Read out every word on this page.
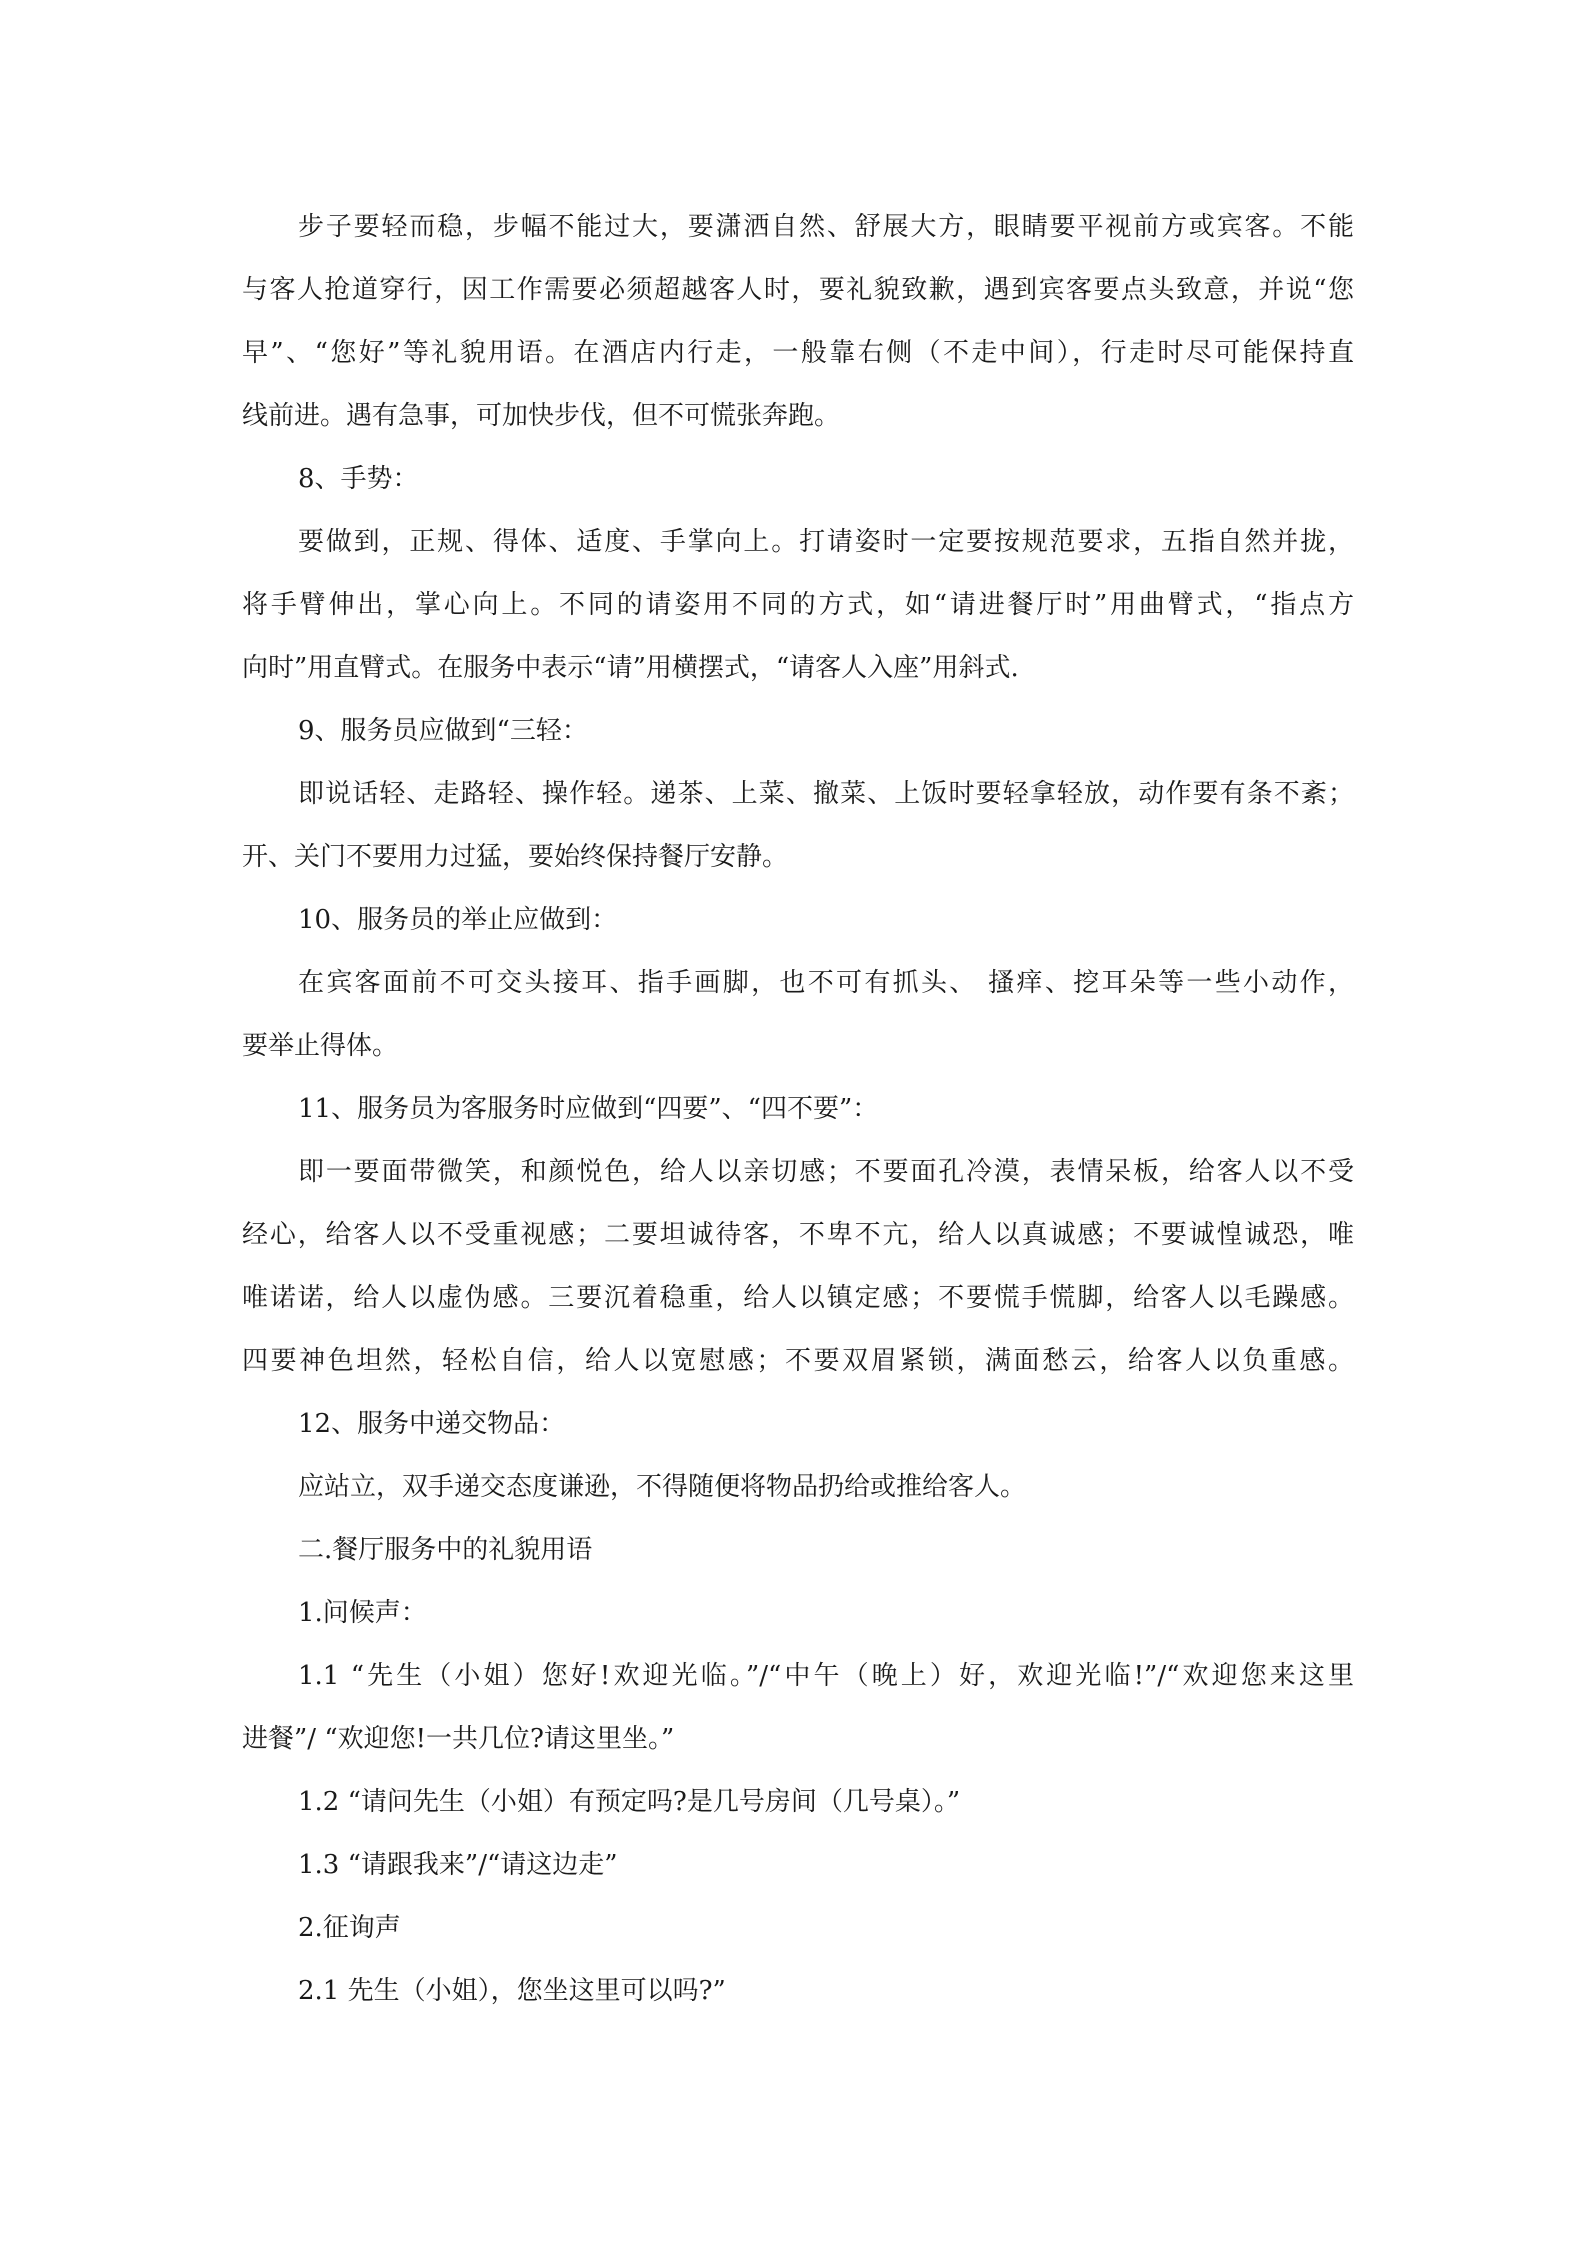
步子要轻而稳，步幅不能过大，要潇洒自然、舒展大方，眼睛要平视前方或宾客。不能
与客人抢道穿行，因工作需要必须超越客人时，要礼貌致歉，遇到宾客要点头致意，并说“您
早”、“您好”等礼貌用语。在酒店内行走，一般靠右侧（不走中间），行走时尽可能保持直
线前进。遇有急事，可加快步伐，但不可慌张奔跑。
8、手势：
要做到，正规、得体、适度、手掌向上。打请姿时一定要按规范要求，五指自然并拢，
将手臂伸出，掌心向上。不同的请姿用不同的方式，如“请进餐厅时”用曲臂式，“指点方
向时”用直臂式。在服务中表示“请”用横摆式，“请客人入座”用斜式.
9、服务员应做到“三轻：
即说话轻、走路轻、操作轻。递茶、上菜、撤菜、上饭时要轻拿轻放，动作要有条不紊；
开、关门不要用力过猛，要始终保持餐厅安静。
10、服务员的举止应做到：
在宾客面前不可交头接耳、指手画脚，也不可有抓头、 搔痒、挖耳朵等一些小动作，
要举止得体。
11、服务员为客服务时应做到“四要”、“四不要”：
即一要面带微笑，和颜悦色，给人以亲切感；不要面孔冷漠，表情呆板，给客人以不受
经心，给客人以不受重视感；二要坦诚待客，不卑不亢，给人以真诚感；不要诚惶诚恐，唯
唯诺诺，给人以虚伪感。三要沉着稳重，给人以镇定感；不要慌手慌脚，给客人以毛躁感。
四要神色坦然，轻松自信，给人以宽慰感；不要双眉紧锁，满面愁云，给客人以负重感。
12、服务中递交物品：
应站立，双手递交态度谦逊，不得随便将物品扔给或推给客人。
二.餐厅服务中的礼貌用语
1.问候声：
1.1 “先生（小姐）您好!欢迎光临。”/“中午（晚上）好，欢迎光临!”/“欢迎您来这里
进餐”/ “欢迎您!一共几位?请这里坐。”
1.2 “请问先生（小姐）有预定吗?是几号房间（几号桌）。”
1.3 “请跟我来”/“请这边走”
2.征询声
2.1 先生（小姐），您坐这里可以吗?”
